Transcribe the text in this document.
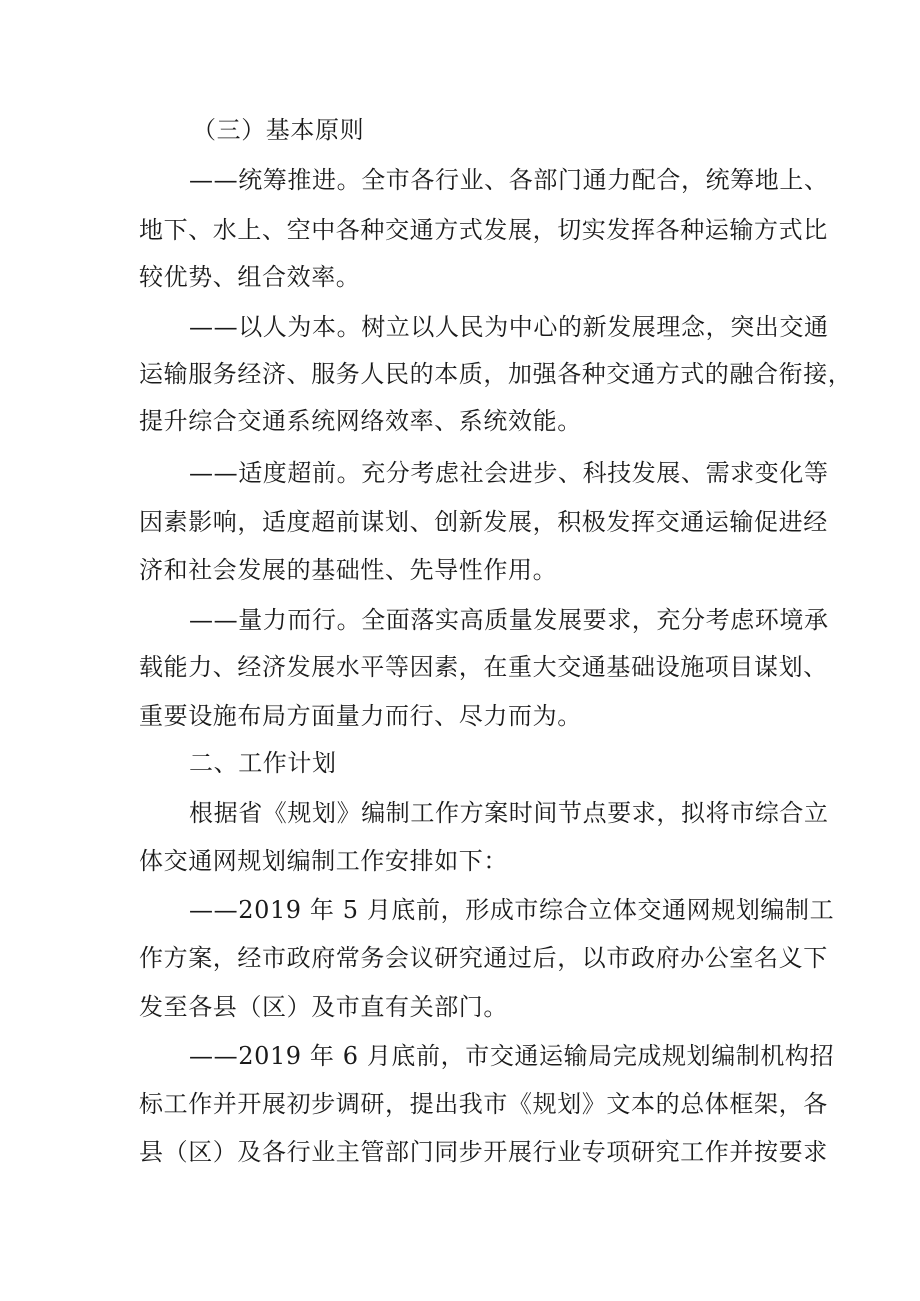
（三）基本原则

——统筹推进。全市各行业、各部门通力配合，统筹地上、

地下、水上、空中各种交通方式发展，切实发挥各种运输方式比

较优势、组合效率。

——以人为本。树立以人民为中心的新发展理念，突出交通

运输服务经济、服务人民的本质，加强各种交通方式的融合衔接，

提升综合交通系统网络效率、系统效能。

——适度超前。充分考虑社会进步、科技发展、需求变化等

因素影响，适度超前谋划、创新发展，积极发挥交通运输促进经

济和社会发展的基础性、先导性作用。

——量力而行。全面落实高质量发展要求，充分考虑环境承

载能力、经济发展水平等因素，在重大交通基础设施项目谋划、

重要设施布局方面量力而行、尽力而为。

二、工作计划

根据省《规划》编制工作方案时间节点要求，拟将市综合立

体交通网规划编制工作安排如下：

——2019 年 5 月底前，形成市综合立体交通网规划编制工

作方案，经市政府常务会议研究通过后，以市政府办公室名义下

发至各县（区）及市直有关部门。

——2019 年 6 月底前，市交通运输局完成规划编制机构招

标工作并开展初步调研，提出我市《规划》文本的总体框架，各

县（区）及各行业主管部门同步开展行业专项研究工作并按要求
